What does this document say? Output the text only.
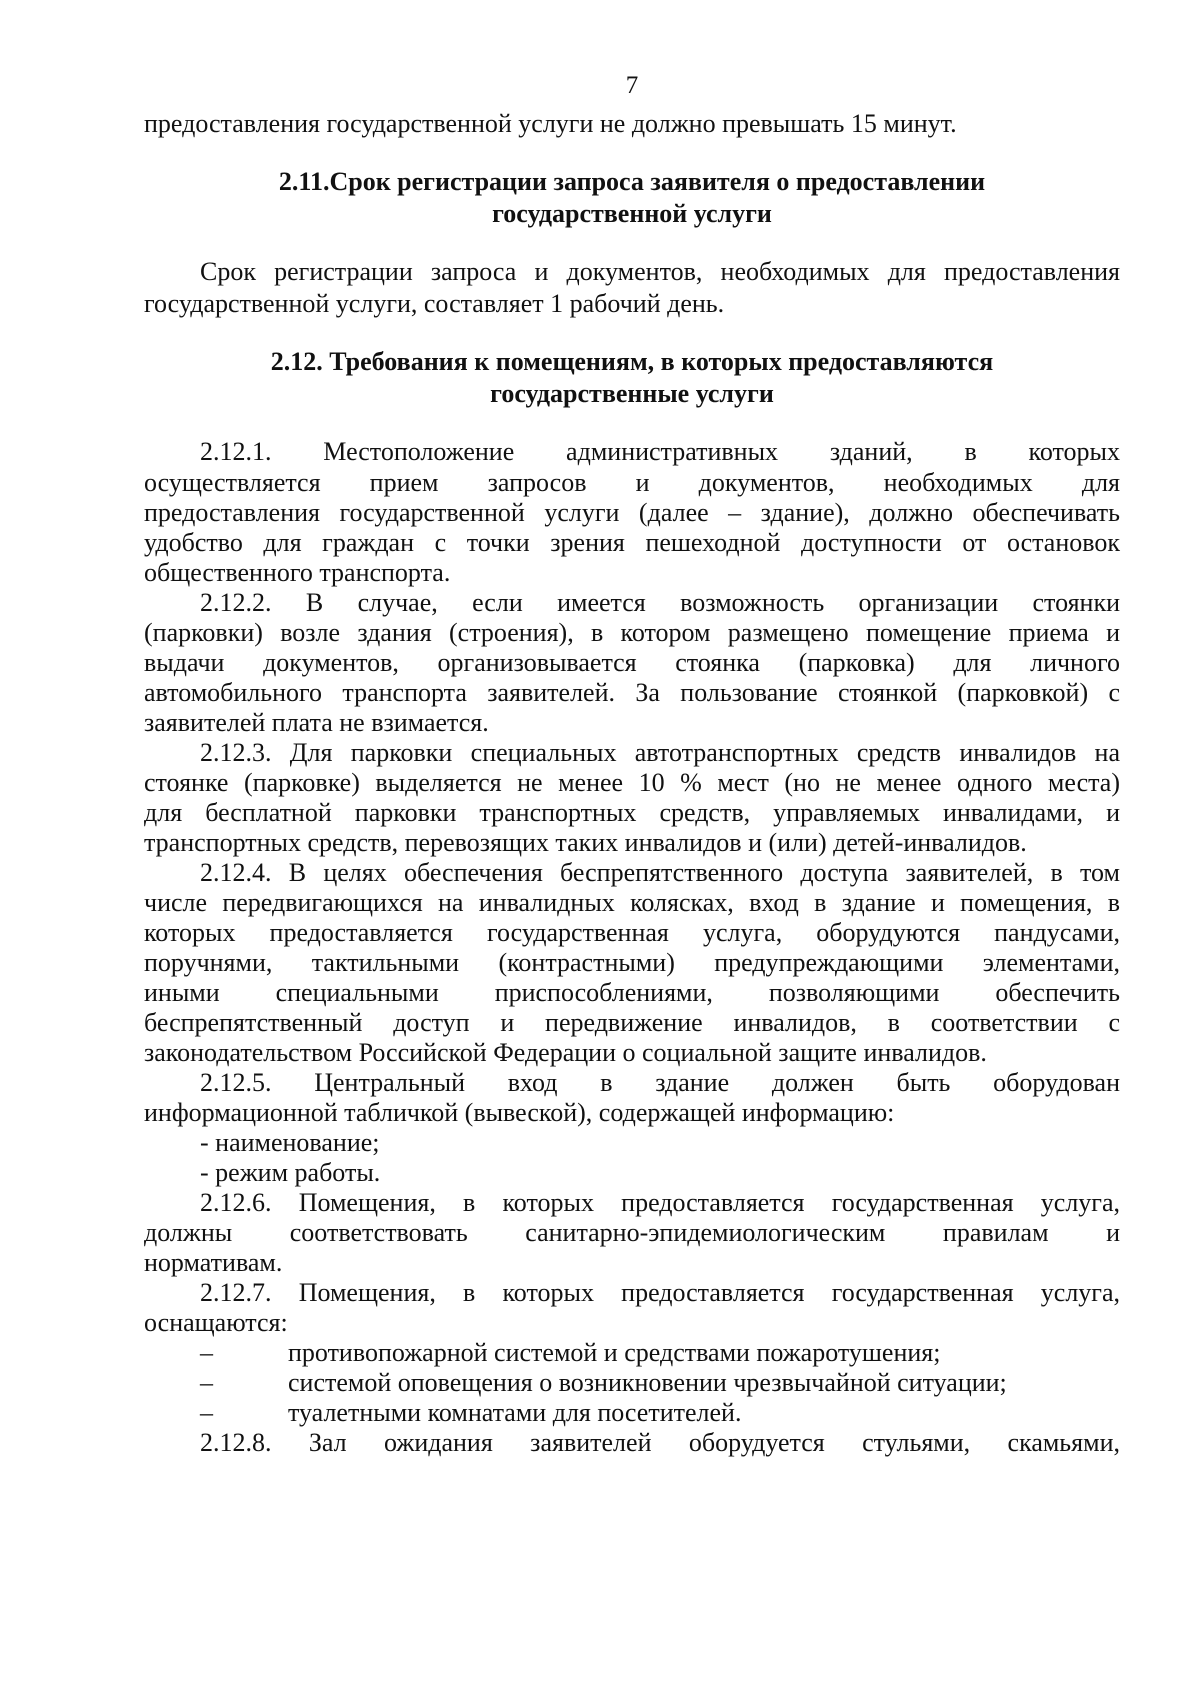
7
предоставления государственной услуги не должно превышать 15 минут.
2.11.Срок регистрации запроса заявителя о предоставлении
государственной услуги
Срок регистрации запроса и документов, необходимых для предоставления
государственной услуги, составляет 1 рабочий день.
2.12. Требования к помещениям, в которых предоставляются
государственные услуги
2.12.1. Местоположение административных зданий, в которых
осуществляется прием запросов и документов, необходимых для
предоставления государственной услуги (далее – здание), должно обеспечивать
удобство для граждан с точки зрения пешеходной доступности от остановок
общественного транспорта.
2.12.2. В случае, если имеется возможность организации стоянки
(парковки) возле здания (строения), в котором размещено помещение приема и
выдачи документов, организовывается стоянка (парковка) для личного
автомобильного транспорта заявителей. За пользование стоянкой (парковкой) с
заявителей плата не взимается.
2.12.3. Для парковки специальных автотранспортных средств инвалидов на
стоянке (парковке) выделяется не менее 10 % мест (но не менее одного места)
для бесплатной парковки транспортных средств, управляемых инвалидами, и
транспортных средств, перевозящих таких инвалидов и (или) детей-инвалидов.
2.12.4. В целях обеспечения беспрепятственного доступа заявителей, в том
числе передвигающихся на инвалидных колясках, вход в здание и помещения, в
которых предоставляется государственная услуга, оборудуются пандусами,
поручнями, тактильными (контрастными) предупреждающими элементами,
иными специальными приспособлениями, позволяющими обеспечить
беспрепятственный доступ и передвижение инвалидов, в соответствии с
законодательством Российской Федерации о социальной защите инвалидов.
2.12.5. Центральный вход в здание должен быть оборудован
информационной табличкой (вывеской), содержащей информацию:
- наименование;
- режим работы.
2.12.6. Помещения, в которых предоставляется государственная услуга,
должны соответствовать санитарно-эпидемиологическим правилам и
нормативам.
2.12.7. Помещения, в которых предоставляется государственная услуга,
оснащаются:
–	противопожарной системой и средствами пожаротушения;
–	системой оповещения о возникновении чрезвычайной ситуации;
–	туалетными комнатами для посетителей.
2.12.8. Зал ожидания заявителей оборудуется стульями, скамьями,
